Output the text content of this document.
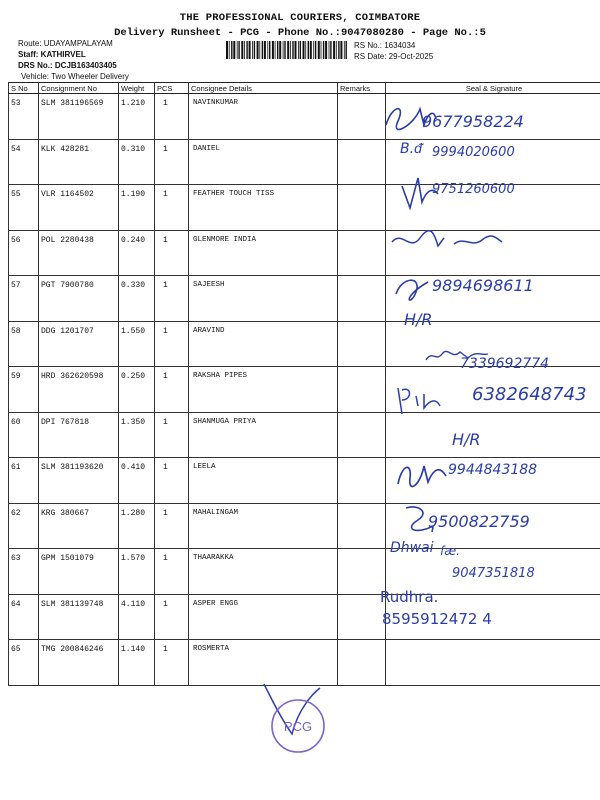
THE PROFESSIONAL COURIERS, COIMBATORE
Delivery Runsheet - PCG - Phone No.:9047080280 - Page No.:5
Route: UDAYAMPALAYAM
Staff: KATHIRVEL
DRS No.: DCJB163403405
Vehicle: Two Wheeler Delivery
RS No.: 1634034
RS Date: 29-Oct-2025
S No	Consignment No	Weight	PCS	Consignee Details	Remarks	Seal & Signature
53	SLM 381196569	1.210	1	NAVINKUMAR		
54	KLK 428281	0.310	1	DANIEL		
55	VLR 1164502	1.190	1	FEATHER TOUCH TISS		
56	POL 2280438	0.240	1	GLENMORE INDIA		
57	PGT 7900780	0.330	1	SAJEESH		
58	DDG 1201707	1.550	1	ARAVIND		
59	HRD 362620598	0.250	1	RAKSHA PIPES		
60	DPI 767818	1.350	1	SHANMUGA PRIYA		
61	SLM 381193620	0.410	1	LEELA		
62	KRG 380667	1.280	1	MAHALINGAM		
63	GPM 1501079	1.570	1	THAARAKKA		
64	SLM 381139748	4.110	1	ASPER ENGG		
65	TMG 200846246	1.140	1	ROSMERTA		
9677958224
B.ᵭ 9994020600
9751260600
9894698611
H/R
7339692774
6382648743
H/R
9944843188
9500822759
Dhwai fæ.
9047351818
Rudhra.
8595912472 4
PCG
